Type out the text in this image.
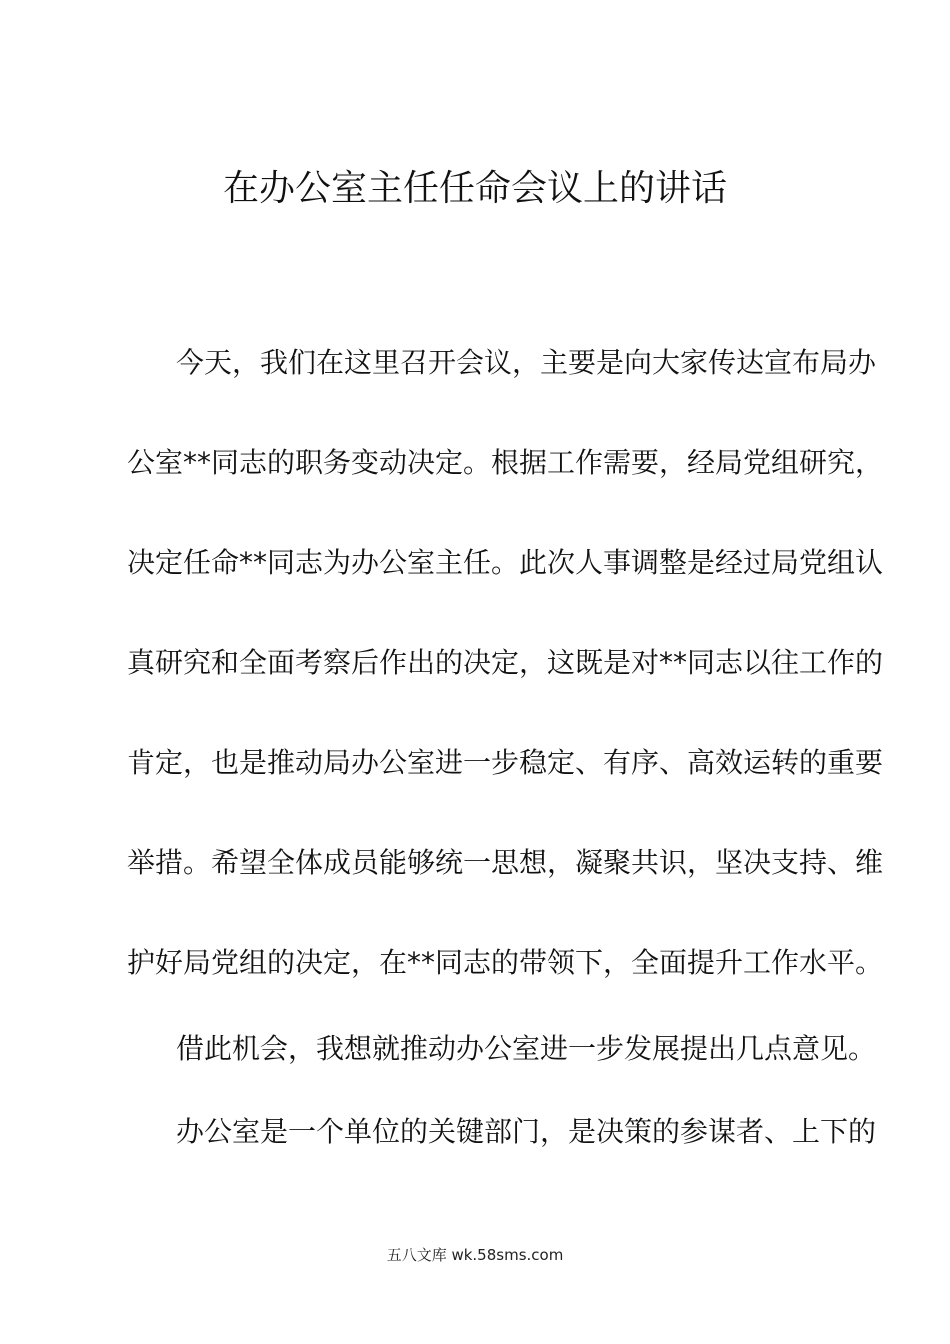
在办公室主任任命会议上的讲话

今天，我们在这里召开会议，主要是向大家传达宣布局办

公室**同志的职务变动决定。根据工作需要，经局党组研究，

决定任命**同志为办公室主任。此次人事调整是经过局党组认

真研究和全面考察后作出的决定，这既是对**同志以往工作的

肯定，也是推动局办公室进一步稳定、有序、高效运转的重要

举措。希望全体成员能够统一思想，凝聚共识，坚决支持、维

护好局党组的决定，在**同志的带领下，全面提升工作水平。

借此机会，我想就推动办公室进一步发展提出几点意见。

办公室是一个单位的关键部门，是决策的参谋者、上下的

五八文库 wk.58sms.com
